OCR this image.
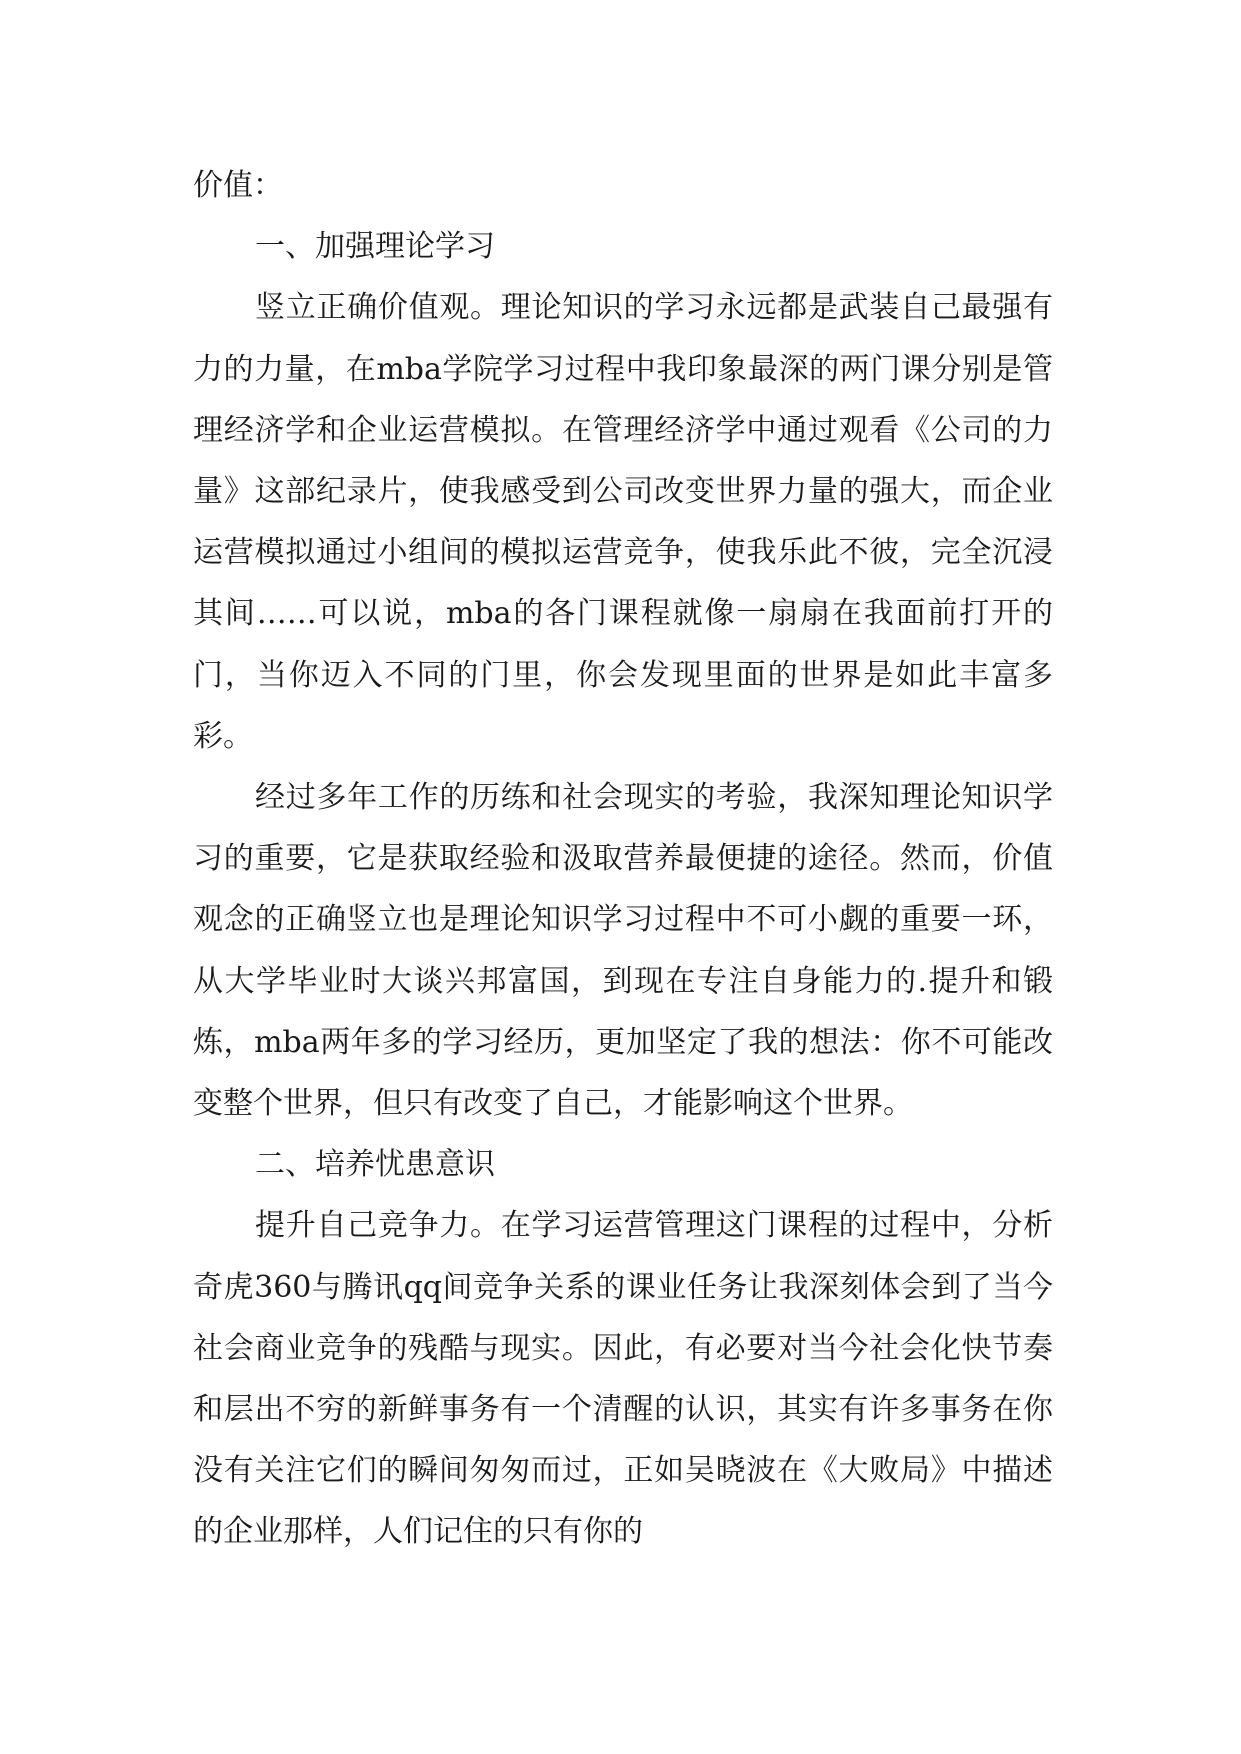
价值：

一、加强理论学习

竖立正确价值观。理论知识的学习永远都是武装自己最强有力的力量，在mba学院学习过程中我印象最深的两门课分别是管理经济学和企业运营模拟。在管理经济学中通过观看《公司的力量》这部纪录片，使我感受到公司改变世界力量的强大，而企业运营模拟通过小组间的模拟运营竞争，使我乐此不彼，完全沉浸其间……可以说，mba的各门课程就像一扇扇在我面前打开的门，当你迈入不同的门里，你会发现里面的世界是如此丰富多彩。

经过多年工作的历练和社会现实的考验，我深知理论知识学习的重要，它是获取经验和汲取营养最便捷的途径。然而，价值观念的正确竖立也是理论知识学习过程中不可小觑的重要一环，从大学毕业时大谈兴邦富国，到现在专注自身能力的.提升和锻炼，mba两年多的学习经历，更加坚定了我的想法：你不可能改变整个世界，但只有改变了自己，才能影响这个世界。

二、培养忧患意识

提升自己竞争力。在学习运营管理这门课程的过程中，分析奇虎360与腾讯qq间竞争关系的课业任务让我深刻体会到了当今社会商业竞争的残酷与现实。因此，有必要对当今社会化快节奏和层出不穷的新鲜事务有一个清醒的认识，其实有许多事务在你没有关注它们的瞬间匆匆而过，正如吴晓波在《大败局》中描述的企业那样，人们记住的只有你的
